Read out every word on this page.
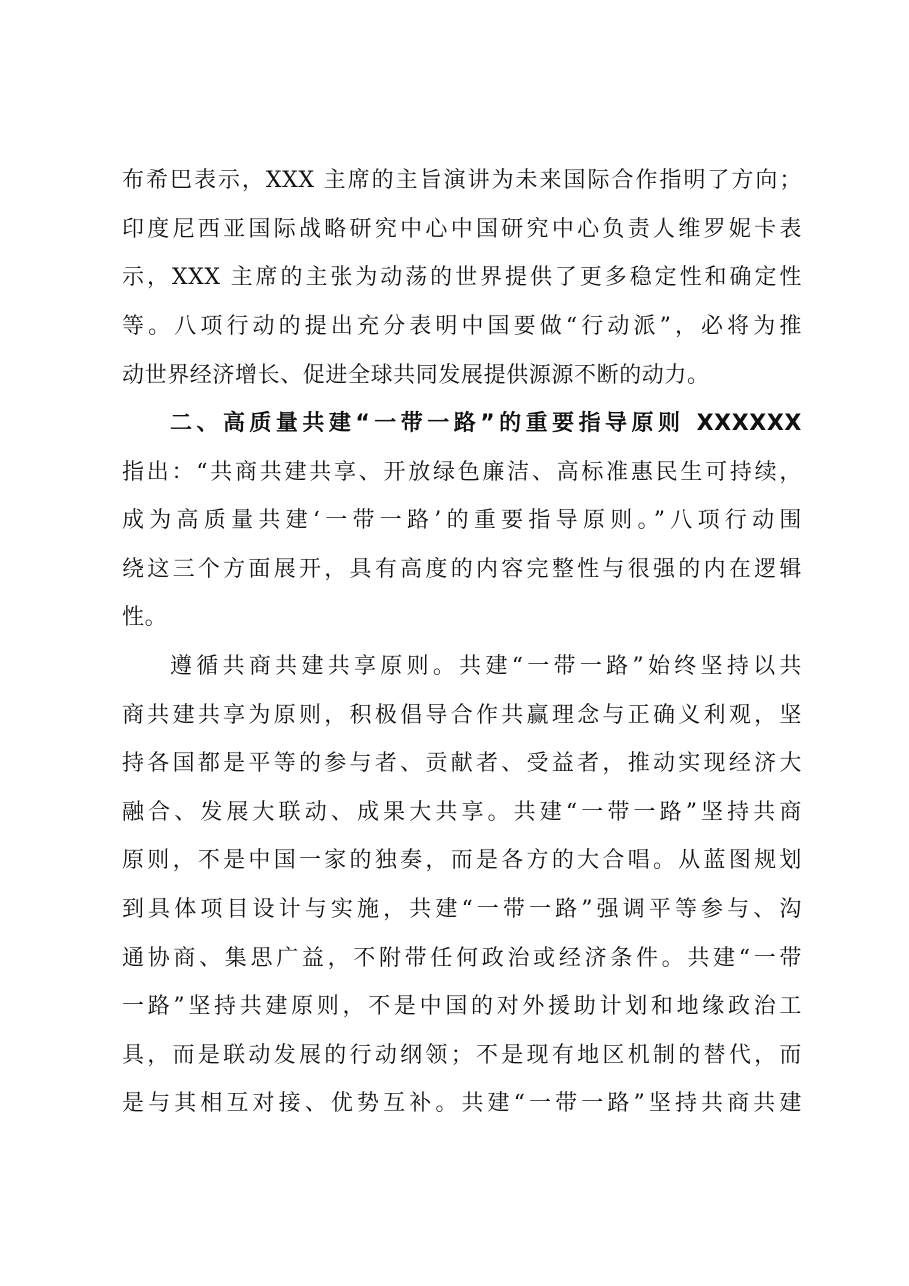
布希巴表示，XXX 主席的主旨演讲为未来国际合作指明了方向；
印度尼西亚国际战略研究中心中国研究中心负责人维罗妮卡表
示，XXX 主席的主张为动荡的世界提供了更多稳定性和确定性
等。八项行动的提出充分表明中国要做“行动派”，必将为推
动世界经济增长、促进全球共同发展提供源源不断的动力。
二、高质量共建“一带一路”的重要指导原则 XXXXXX
指出：“共商共建共享、开放绿色廉洁、高标准惠民生可持续，
成为高质量共建‘一带一路’的重要指导原则。”八项行动围
绕这三个方面展开，具有高度的内容完整性与很强的内在逻辑
性。
遵循共商共建共享原则。共建“一带一路”始终坚持以共
商共建共享为原则，积极倡导合作共赢理念与正确义利观，坚
持各国都是平等的参与者、贡献者、受益者，推动实现经济大
融合、发展大联动、成果大共享。共建“一带一路”坚持共商
原则，不是中国一家的独奏，而是各方的大合唱。从蓝图规划
到具体项目设计与实施，共建“一带一路”强调平等参与、沟
通协商、集思广益，不附带任何政治或经济条件。共建“一带
一路”坚持共建原则，不是中国的对外援助计划和地缘政治工
具，而是联动发展的行动纲领；不是现有地区机制的替代，而
是与其相互对接、优势互补。共建“一带一路”坚持共商共建
